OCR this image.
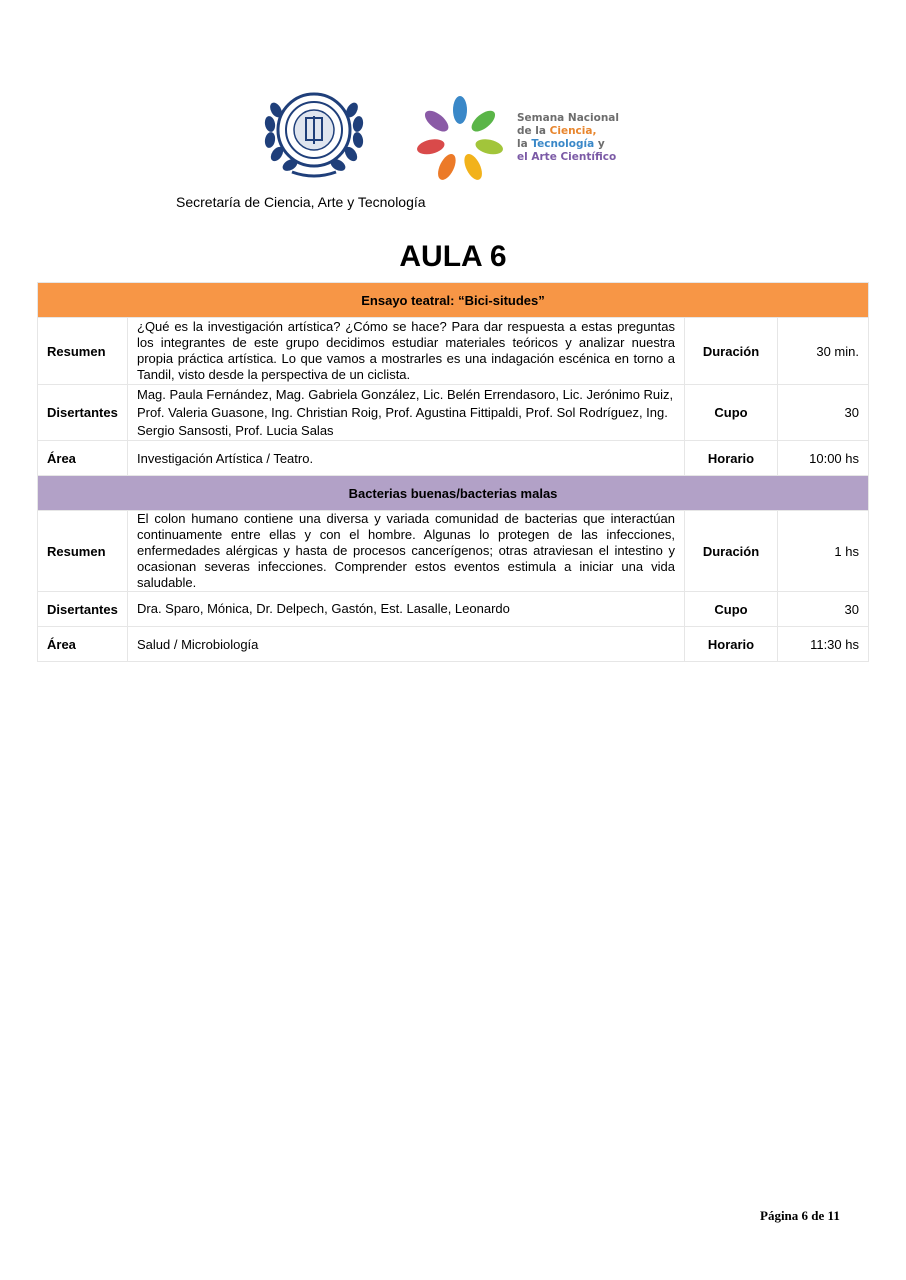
Semana Nacional
de la Ciencia,
la Tecnología y
el Arte Científico
Secretaría de Ciencia, Arte y Tecnología
AULA 6
Ensayo teatral: “Bici-situdes”			
Resumen	¿Qué es la investigación artística? ¿Cómo se hace? Para dar respuesta a estas preguntas los integrantes de este grupo decidimos estudiar materiales teóricos y analizar nuestra propia práctica artística. Lo que vamos a mostrarles es una indagación escénica en torno a Tandil, visto desde la perspectiva de un ciclista.	Duración	30 min.
Disertantes	Mag. Paula Fernández, Mag. Gabriela González, Lic. Belén Errendasoro, Lic. Jerónimo Ruiz, Prof. Valeria Guasone, Ing. Christian Roig, Prof. Agustina Fittipaldi, Prof. Sol Rodríguez, Ing. Sergio Sansosti, Prof. Lucia Salas	Cupo	30
Área	Investigación Artística / Teatro.	Horario	10:00 hs
Bacterias buenas/bacterias malas			
Resumen	El colon humano contiene una diversa y variada comunidad de bacterias que interactúan continuamente entre ellas y con el hombre. Algunas lo protegen de las infecciones, enfermedades alérgicas y hasta de procesos cancerígenos; otras atraviesan el intestino y ocasionan severas infecciones. Comprender estos eventos estimula a iniciar una vida saludable.	Duración	1 hs
Disertantes	Dra. Sparo, Mónica, Dr. Delpech, Gastón, Est. Lasalle, Leonardo	Cupo	30
Área	Salud / Microbiología	Horario	11:30 hs
Página 6 de 11
